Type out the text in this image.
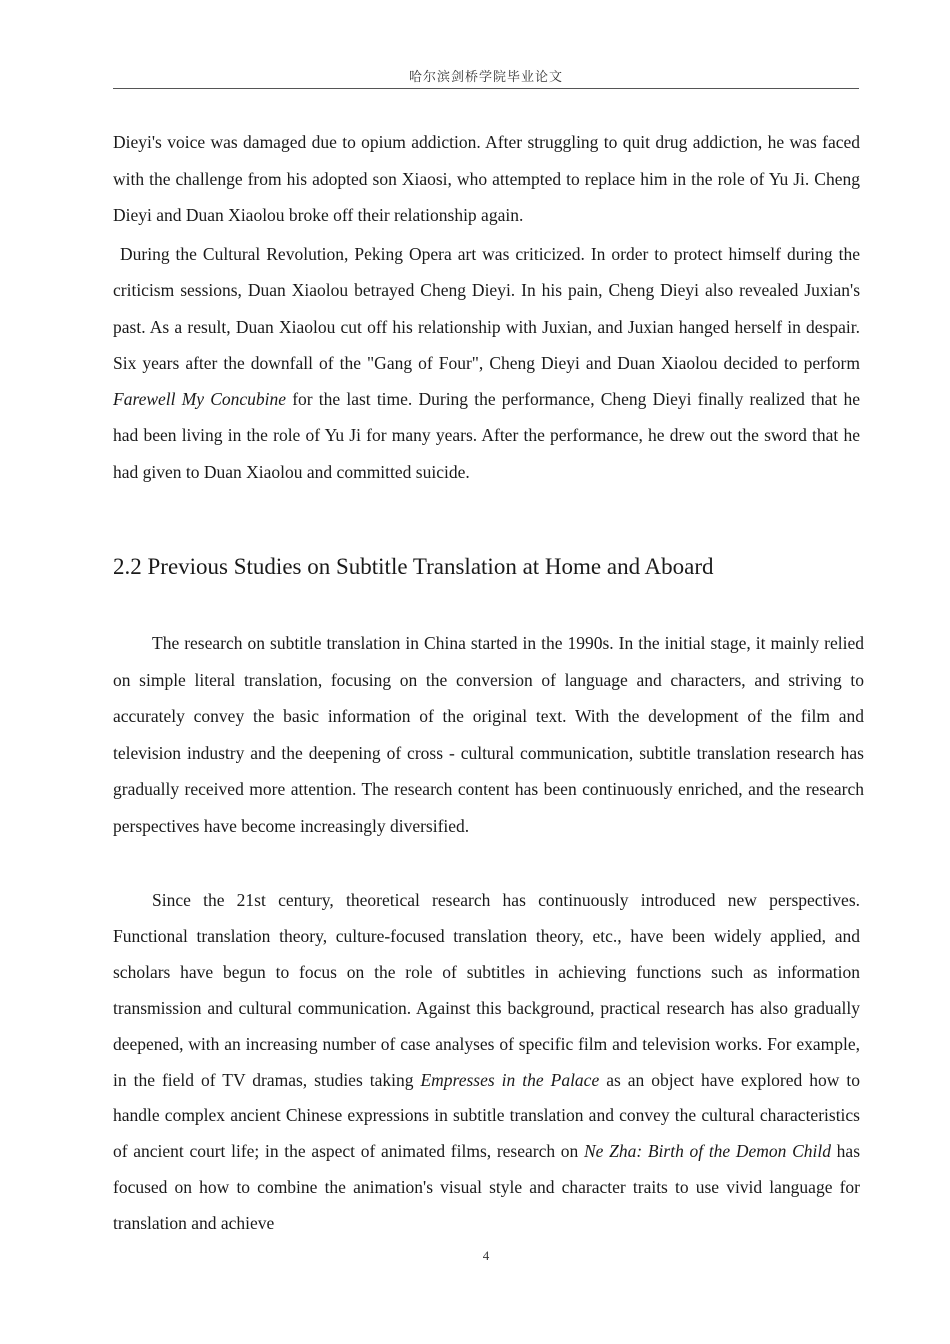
哈尔滨剑桥学院毕业论文

Dieyi's voice was damaged due to opium addiction. After struggling to quit drug addiction, he was faced with the challenge from his adopted son Xiaosi, who attempted to replace him in the role of Yu Ji. Cheng Dieyi and Duan Xiaolou broke off their relationship again.

During the Cultural Revolution, Peking Opera art was criticized. In order to protect himself during the criticism sessions, Duan Xiaolou betrayed Cheng Dieyi. In his pain, Cheng Dieyi also revealed Juxian's past. As a result, Duan Xiaolou cut off his relationship with Juxian, and Juxian hanged herself in despair. Six years after the downfall of the "Gang of Four", Cheng Dieyi and Duan Xiaolou decided to perform Farewell My Concubine for the last time. During the performance, Cheng Dieyi finally realized that he had been living in the role of Yu Ji for many years. After the performance, he drew out the sword that he had given to Duan Xiaolou and committed suicide.

2.2 Previous Studies on Subtitle Translation at Home and Aboard

The research on subtitle translation in China started in the 1990s. In the initial stage, it mainly relied on simple literal translation, focusing on the conversion of language and characters, and striving to accurately convey the basic information of the original text. With the development of the film and television industry and the deepening of cross - cultural communication, subtitle translation research has gradually received more attention. The research content has been continuously enriched, and the research perspectives have become increasingly diversified.

Since the 21st century, theoretical research has continuously introduced new perspectives. Functional translation theory, culture-focused translation theory, etc., have been widely applied, and scholars have begun to focus on the role of subtitles in achieving functions such as information transmission and cultural communication. Against this background, practical research has also gradually deepened, with an increasing number of case analyses of specific film and television works. For example, in the field of TV dramas, studies taking Empresses in the Palace as an object have explored how to handle complex ancient Chinese expressions in subtitle translation and convey the cultural characteristics of ancient court life; in the aspect of animated films, research on Ne Zha: Birth of the Demon Child has focused on how to combine the animation's visual style and character traits to use vivid language for translation and achieve

4
